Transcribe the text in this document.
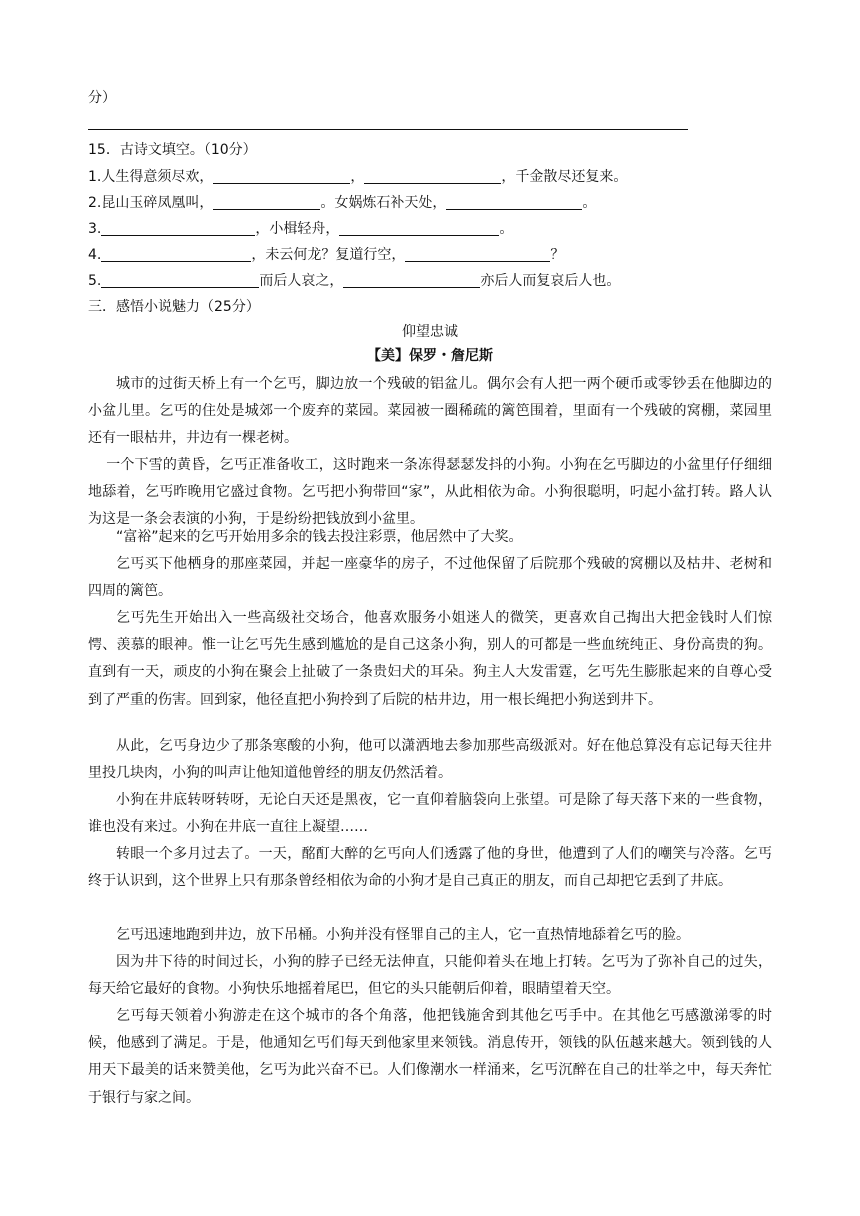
分）
15．古诗文填空。（10分）
1.人生得意须尽欢，	，	，千金散尽还复来。
2.昆山玉碎凤凰叫，	。女娲炼石补天处，	。
3.	，小楫轻舟，	。
4.	，未云何龙？复道行空，	？
5.	而后人哀之，	亦后人而复哀后人也。
三．感悟小说魅力（25分）
仰望忠诚
【美】保罗・詹尼斯
城市的过街天桥上有一个乞丐，脚边放一个残破的铝盆儿。偶尔会有人把一两个硬币或零钞丢在他脚边的小盆儿里。乞丐的住处是城郊一个废弃的菜园。菜园被一圈稀疏的篱笆围着，里面有一个残破的窝棚，菜园里还有一眼枯井，井边有一棵老树。
一个下雪的黄昏，乞丐正准备收工，这时跑来一条冻得瑟瑟发抖的小狗。小狗在乞丐脚边的小盆里仔仔细细地舔着，乞丐昨晚用它盛过食物。乞丐把小狗带回“家”，从此相依为命。小狗很聪明，叼起小盆打转。路人认为这是一条会表演的小狗，于是纷纷把钱放到小盆里。
“富裕”起来的乞丐开始用多余的钱去投注彩票，他居然中了大奖。
乞丐买下他栖身的那座菜园，并起一座豪华的房子，不过他保留了后院那个残破的窝棚以及枯井、老树和四周的篱笆。
乞丐先生开始出入一些高级社交场合，他喜欢服务小姐迷人的微笑，更喜欢自己掏出大把金钱时人们惊愕、羡慕的眼神。惟一让乞丐先生感到尴尬的是自己这条小狗，别人的可都是一些血统纯正、身份高贵的狗。直到有一天，顽皮的小狗在聚会上扯破了一条贵妇犬的耳朵。狗主人大发雷霆，乞丐先生膨胀起来的自尊心受到了严重的伤害。回到家，他径直把小狗拎到了后院的枯井边，用一根长绳把小狗送到井下。
从此，乞丐身边少了那条寒酸的小狗，他可以潇洒地去参加那些高级派对。好在他总算没有忘记每天往井里投几块肉，小狗的叫声让他知道他曾经的朋友仍然活着。
小狗在井底转呀转呀，无论白天还是黑夜，它一直仰着脑袋向上张望。可是除了每天落下来的一些食物，谁也没有来过。小狗在井底一直往上凝望……
转眼一个多月过去了。一天，酩酊大醉的乞丐向人们透露了他的身世，他遭到了人们的嘲笑与冷落。乞丐终于认识到，这个世界上只有那条曾经相依为命的小狗才是自己真正的朋友，而自己却把它丢到了井底。
乞丐迅速地跑到井边，放下吊桶。小狗并没有怪罪自己的主人，它一直热情地舔着乞丐的脸。
因为井下待的时间过长，小狗的脖子已经无法伸直，只能仰着头在地上打转。乞丐为了弥补自己的过失，每天给它最好的食物。小狗快乐地摇着尾巴，但它的头只能朝后仰着，眼睛望着天空。
乞丐每天领着小狗游走在这个城市的各个角落，他把钱施舍到其他乞丐手中。在其他乞丐感激涕零的时候，他感到了满足。于是，他通知乞丐们每天到他家里来领钱。消息传开，领钱的队伍越来越大。领到钱的人用天下最美的话来赞美他，乞丐为此兴奋不已。人们像潮水一样涌来，乞丐沉醉在自己的壮举之中，每天奔忙于银行与家之间。
